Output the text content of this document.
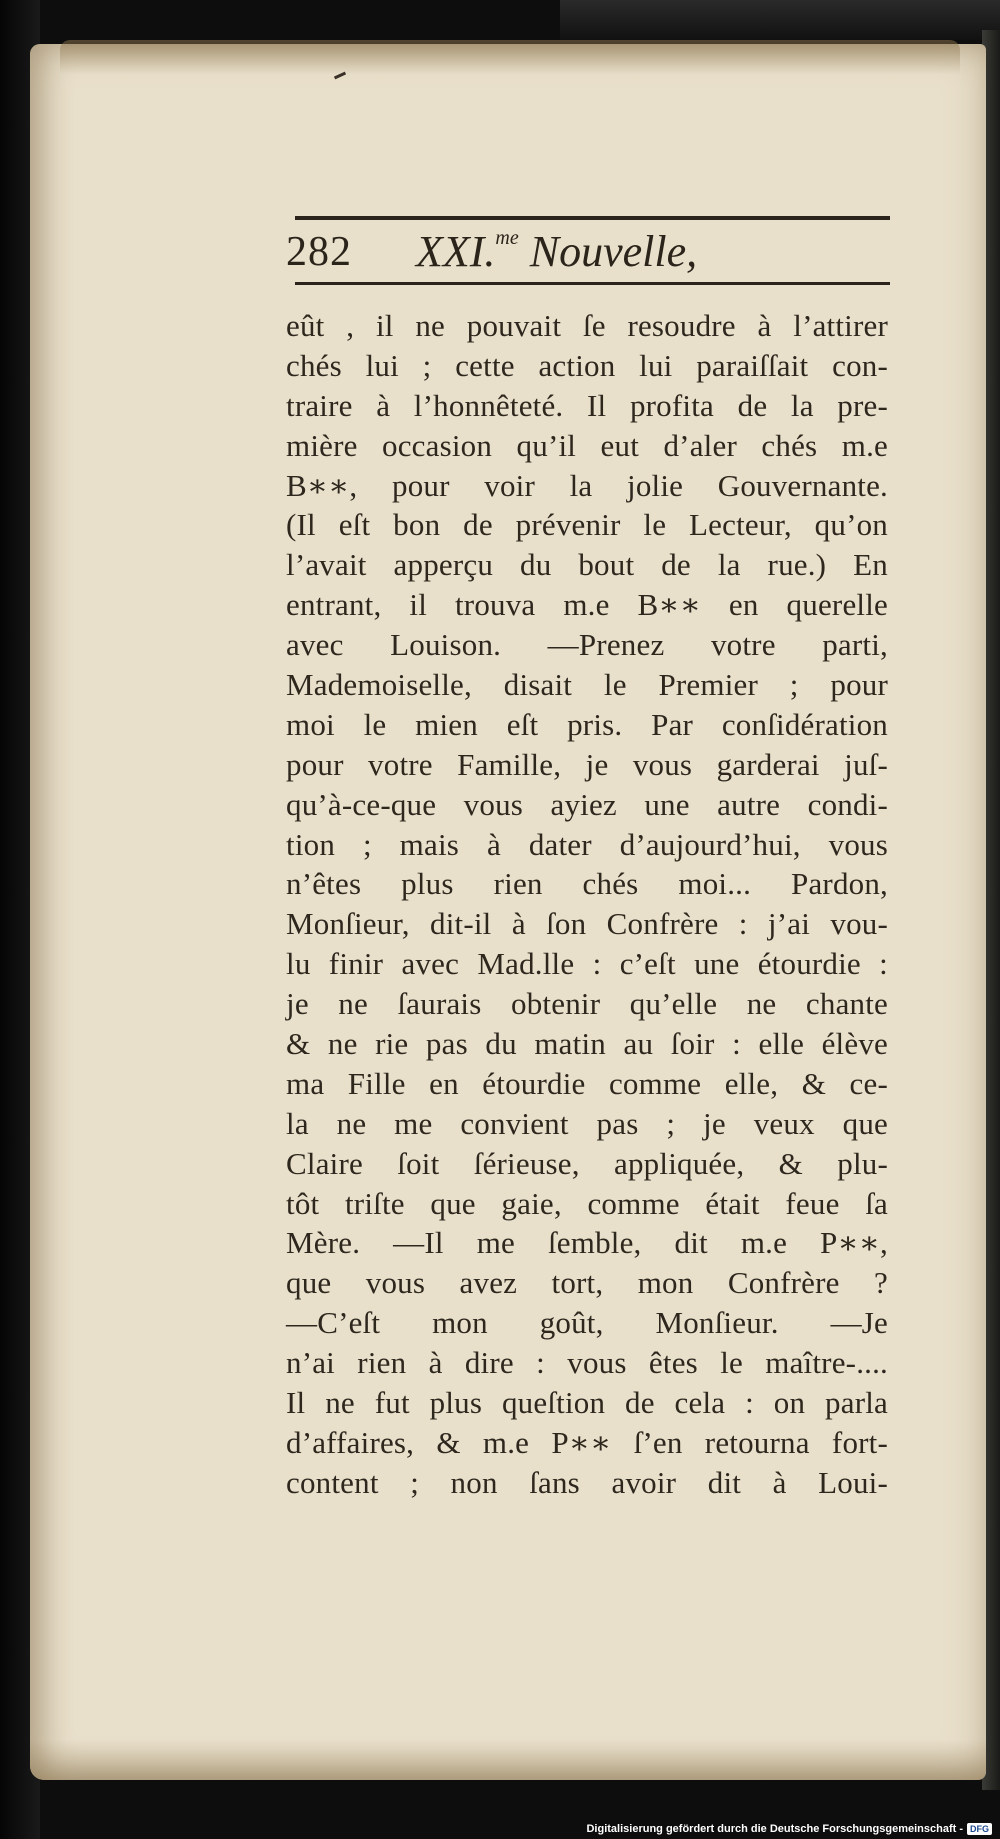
282 XXI.$^{me}$ Nouvelle,
eût , il ne pouvait ſe resoudre à l’attirer
chés lui ; cette action lui paraiſſait con-
traire à l’honnêteté. Il profita de la pre-
mière occasion qu’il eut d’aler chés m.e
B∗∗, pour voir la jolie Gouvernante.
(Il eſt bon de prévenir le Lecteur, qu’on
l’avait apperçu du bout de la rue.) En
entrant, il trouva m.e B∗∗ en querelle
avec Louison. —Prenez votre parti,
Mademoiselle, disait le Premier ; pour
moi le mien eſt pris. Par conſidération
pour votre Famille, je vous garderai juſ-
qu’à-ce-que vous ayiez une autre condi-
tion ; mais à dater d’aujourd’hui, vous
n’êtes plus rien chés moi... Pardon,
Monſieur, dit-il à ſon Confrère : j’ai vou-
lu finir avec Mad.lle : c’eſt une étourdie :
je ne ſaurais obtenir qu’elle ne chante
& ne rie pas du matin au ſoir : elle élève
ma Fille en étourdie comme elle, & ce-
la ne me convient pas ; je veux que
Claire ſoit ſérieuse, appliquée, & plu-
tôt triſte que gaie, comme était feue ſa
Mère. —Il me ſemble, dit m.e P∗∗,
que vous avez tort, mon Confrère ?
—C’eſt mon goût, Monſieur. —Je
n’ai rien à dire : vous êtes le maître-....
Il ne fut plus queſtion de cela : on parla
d’affaires, & m.e P∗∗ ſ’en retourna fort-
content ; non ſans avoir dit à Loui-
Digitalisierung gefördert durch die Deutsche Forschungsgemeinschaft - DFG
